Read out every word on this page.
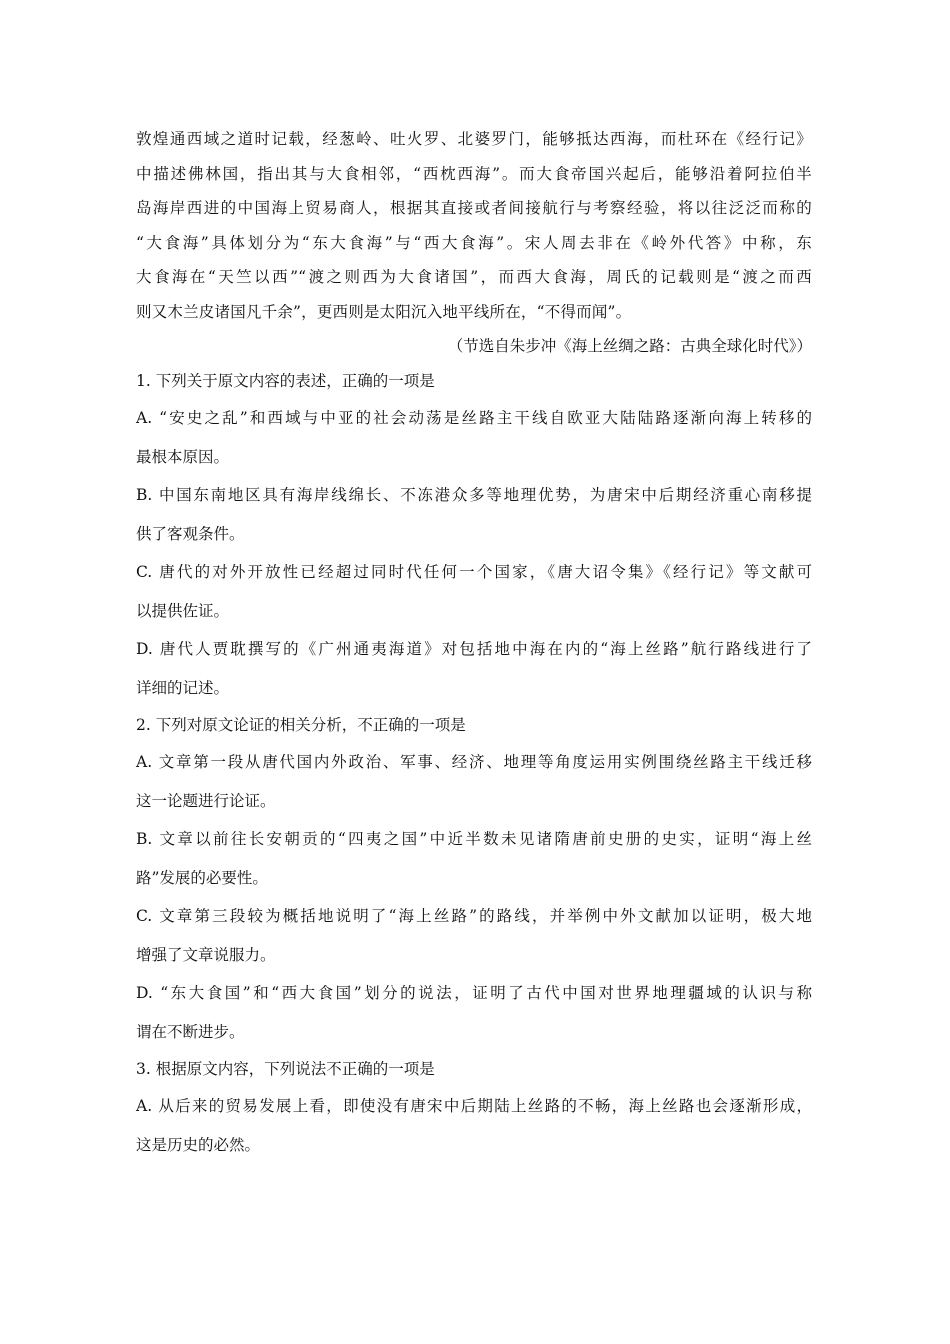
敦煌通西域之道时记载，经葱岭、吐火罗、北婆罗门，能够抵达西海，而杜环在《经行记》

中描述佛林国，指出其与大食相邻，“西枕西海”。而大食帝国兴起后，能够沿着阿拉伯半

岛海岸西进的中国海上贸易商人，根据其直接或者间接航行与考察经验，将以往泛泛而称的

“大食海”具体划分为“东大食海”与“西大食海”。宋人周去非在《岭外代答》中称，东

大食海在“天竺以西”“渡之则西为大食诸国”，而西大食海，周氏的记载则是“渡之而西

则又木兰皮诸国凡千余”，更西则是太阳沉入地平线所在，“不得而闻”。

（节选自朱步冲《海上丝绸之路：古典全球化时代》）

1. 下列关于原文内容的表述，正确的一项是

A. “安史之乱”和西域与中亚的社会动荡是丝路主干线自欧亚大陆陆路逐渐向海上转移的
最根本原因。
B. 中国东南地区具有海岸线绵长、不冻港众多等地理优势，为唐宋中后期经济重心南移提
供了客观条件。
C. 唐代的对外开放性已经超过同时代任何一个国家，《唐大诏令集》《经行记》等文献可
以提供佐证。
D. 唐代人贾耽撰写的《广州通夷海道》对包括地中海在内的“海上丝路”航行路线进行了
详细的记述。

2. 下列对原文论证的相关分析，不正确的一项是

A. 文章第一段从唐代国内外政治、军事、经济、地理等角度运用实例围绕丝路主干线迁移
这一论题进行论证。
B. 文章以前往长安朝贡的“四夷之国”中近半数未见诸隋唐前史册的史实，证明“海上丝
路”发展的必要性。
C. 文章第三段较为概括地说明了“海上丝路”的路线，并举例中外文献加以证明，极大地
增强了文章说服力。
D. “东大食国”和“西大食国”划分的说法，证明了古代中国对世界地理疆域的认识与称
谓在不断进步。

3. 根据原文内容，下列说法不正确的一项是

A. 从后来的贸易发展上看，即使没有唐宋中后期陆上丝路的不畅，海上丝路也会逐渐形成，
这是历史的必然。
